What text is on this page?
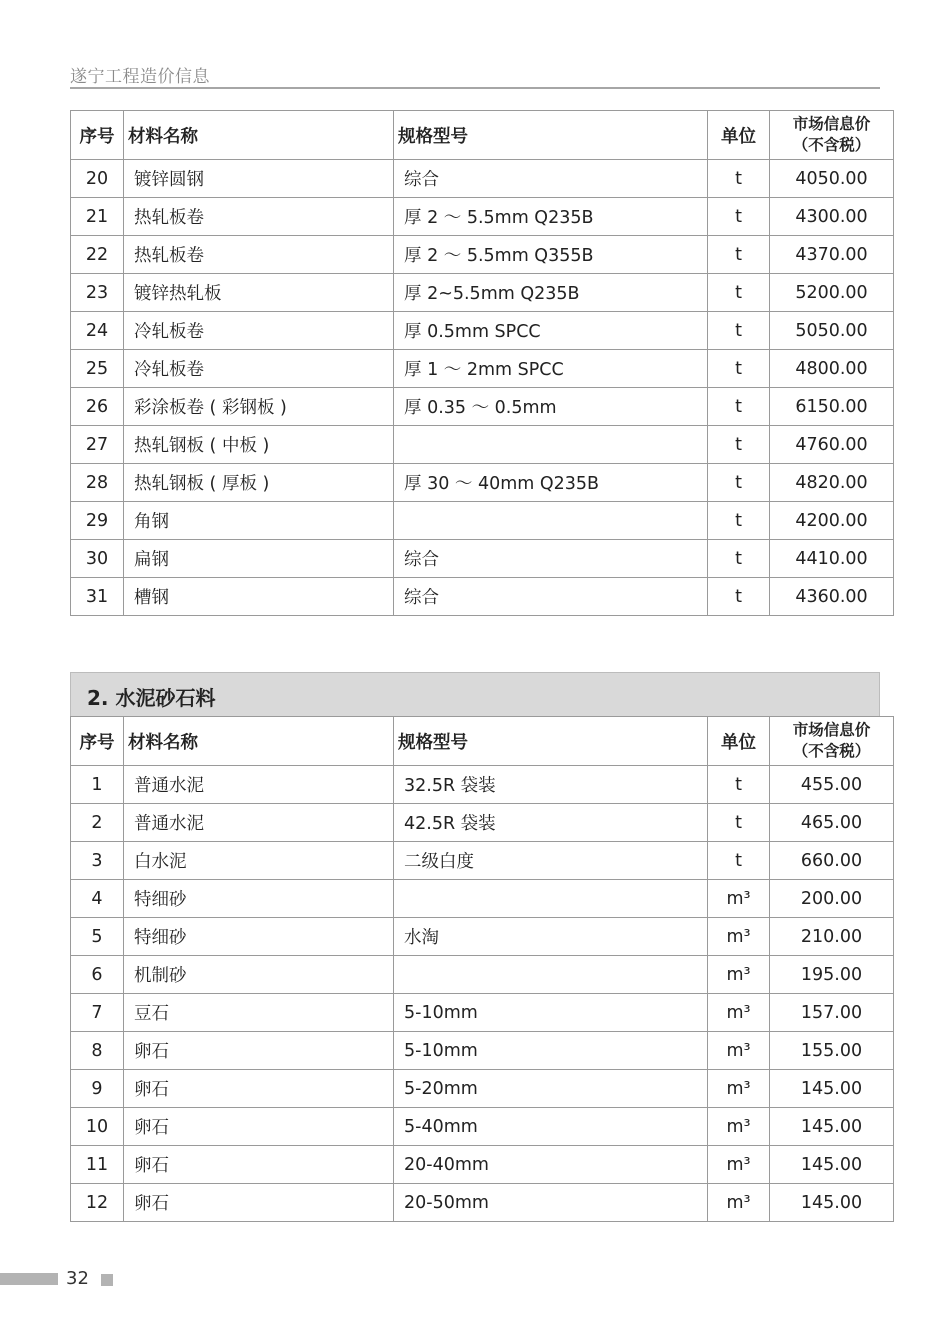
遂宁工程造价信息
序号	材料名称	规格型号	单位	市场信息价
（不含税）

20	镀锌圆钢	综合	t	4050.00
21	热轧板卷	厚 2 ～ 5.5mm Q235B	t	4300.00
22	热轧板卷	厚 2 ～ 5.5mm Q355B	t	4370.00
23	镀锌热轧板	厚 2~5.5mm Q235B	t	5200.00
24	冷轧板卷	厚 0.5mm SPCC	t	5050.00
25	冷轧板卷	厚 1 ～ 2mm SPCC	t	4800.00
26	彩涂板卷 ( 彩钢板 )	厚 0.35 ～ 0.5mm	t	6150.00
27	热轧钢板 ( 中板 )		t	4760.00
28	热轧钢板 ( 厚板 )	厚 30 ～ 40mm Q235B	t	4820.00
29	角钢		t	4200.00
30	扁钢	综合	t	4410.00
31	槽钢	综合	t	4360.00
2. 水泥砂石料
序号	材料名称	规格型号	单位	市场信息价
（不含税）

1	普通水泥	32.5R 袋装	t	455.00
2	普通水泥	42.5R 袋装	t	465.00
3	白水泥	二级白度	t	660.00
4	特细砂		m³	200.00
5	特细砂	水淘	m³	210.00
6	机制砂		m³	195.00
7	豆石	5-10mm	m³	157.00
8	卵石	5-10mm	m³	155.00
9	卵石	5-20mm	m³	145.00
10	卵石	5-40mm	m³	145.00
11	卵石	20-40mm	m³	145.00
12	卵石	20-50mm	m³	145.00
32
